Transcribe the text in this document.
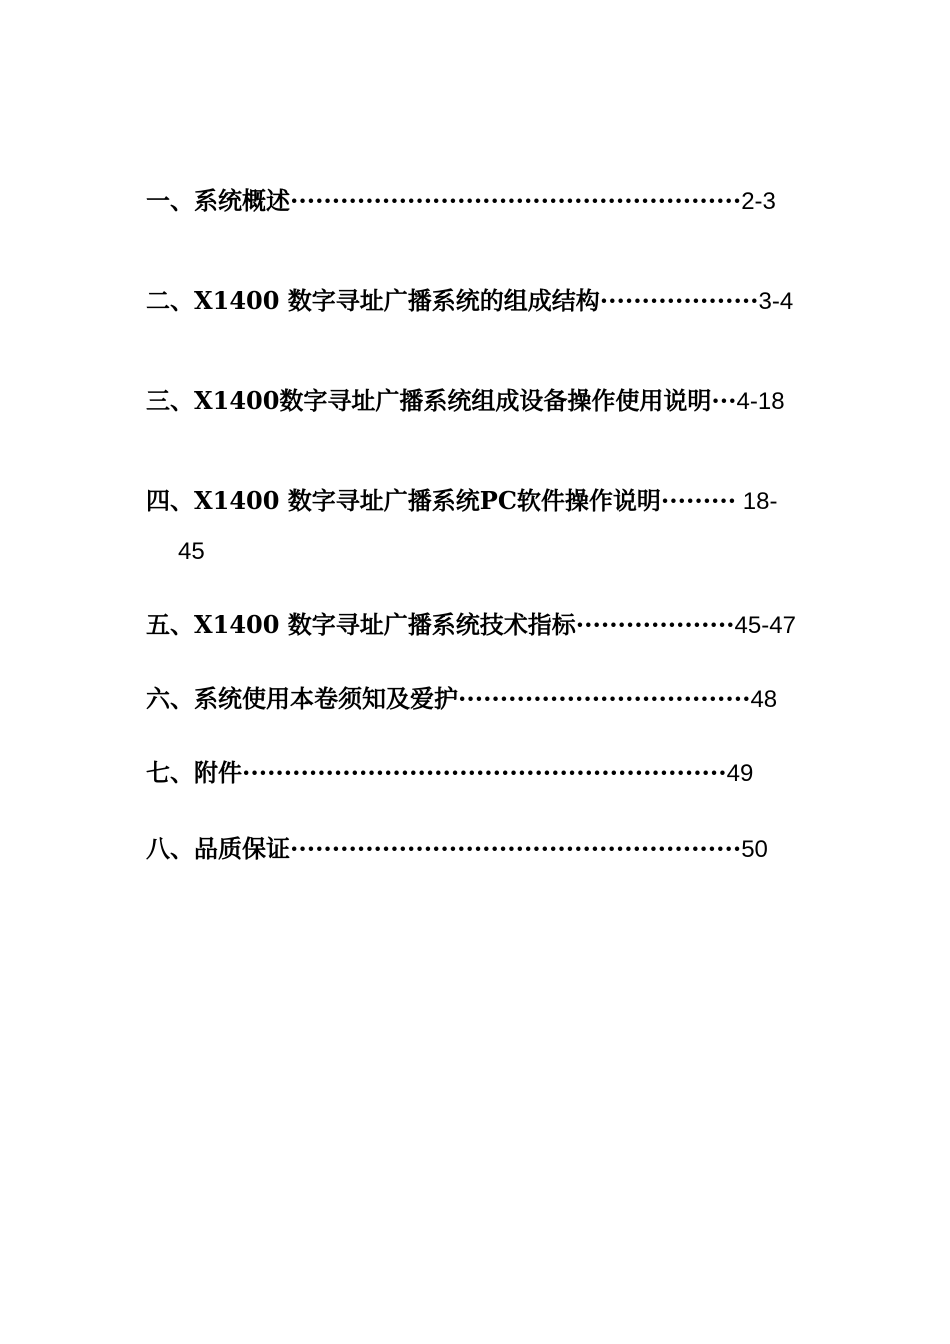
一、系统概述······················································2-3
二、X1400 数字寻址广播系统的组成结构···················3-4
三、X1400数字寻址广播系统组成设备操作使用说明···4-18
四、X1400 数字寻址广播系统PC软件操作说明········· 18-
45
五、X1400 数字寻址广播系统技术指标···················45-47
六、系统使用本卷须知及爱护···································48
七、附件··························································49
八、品质保证······················································50
